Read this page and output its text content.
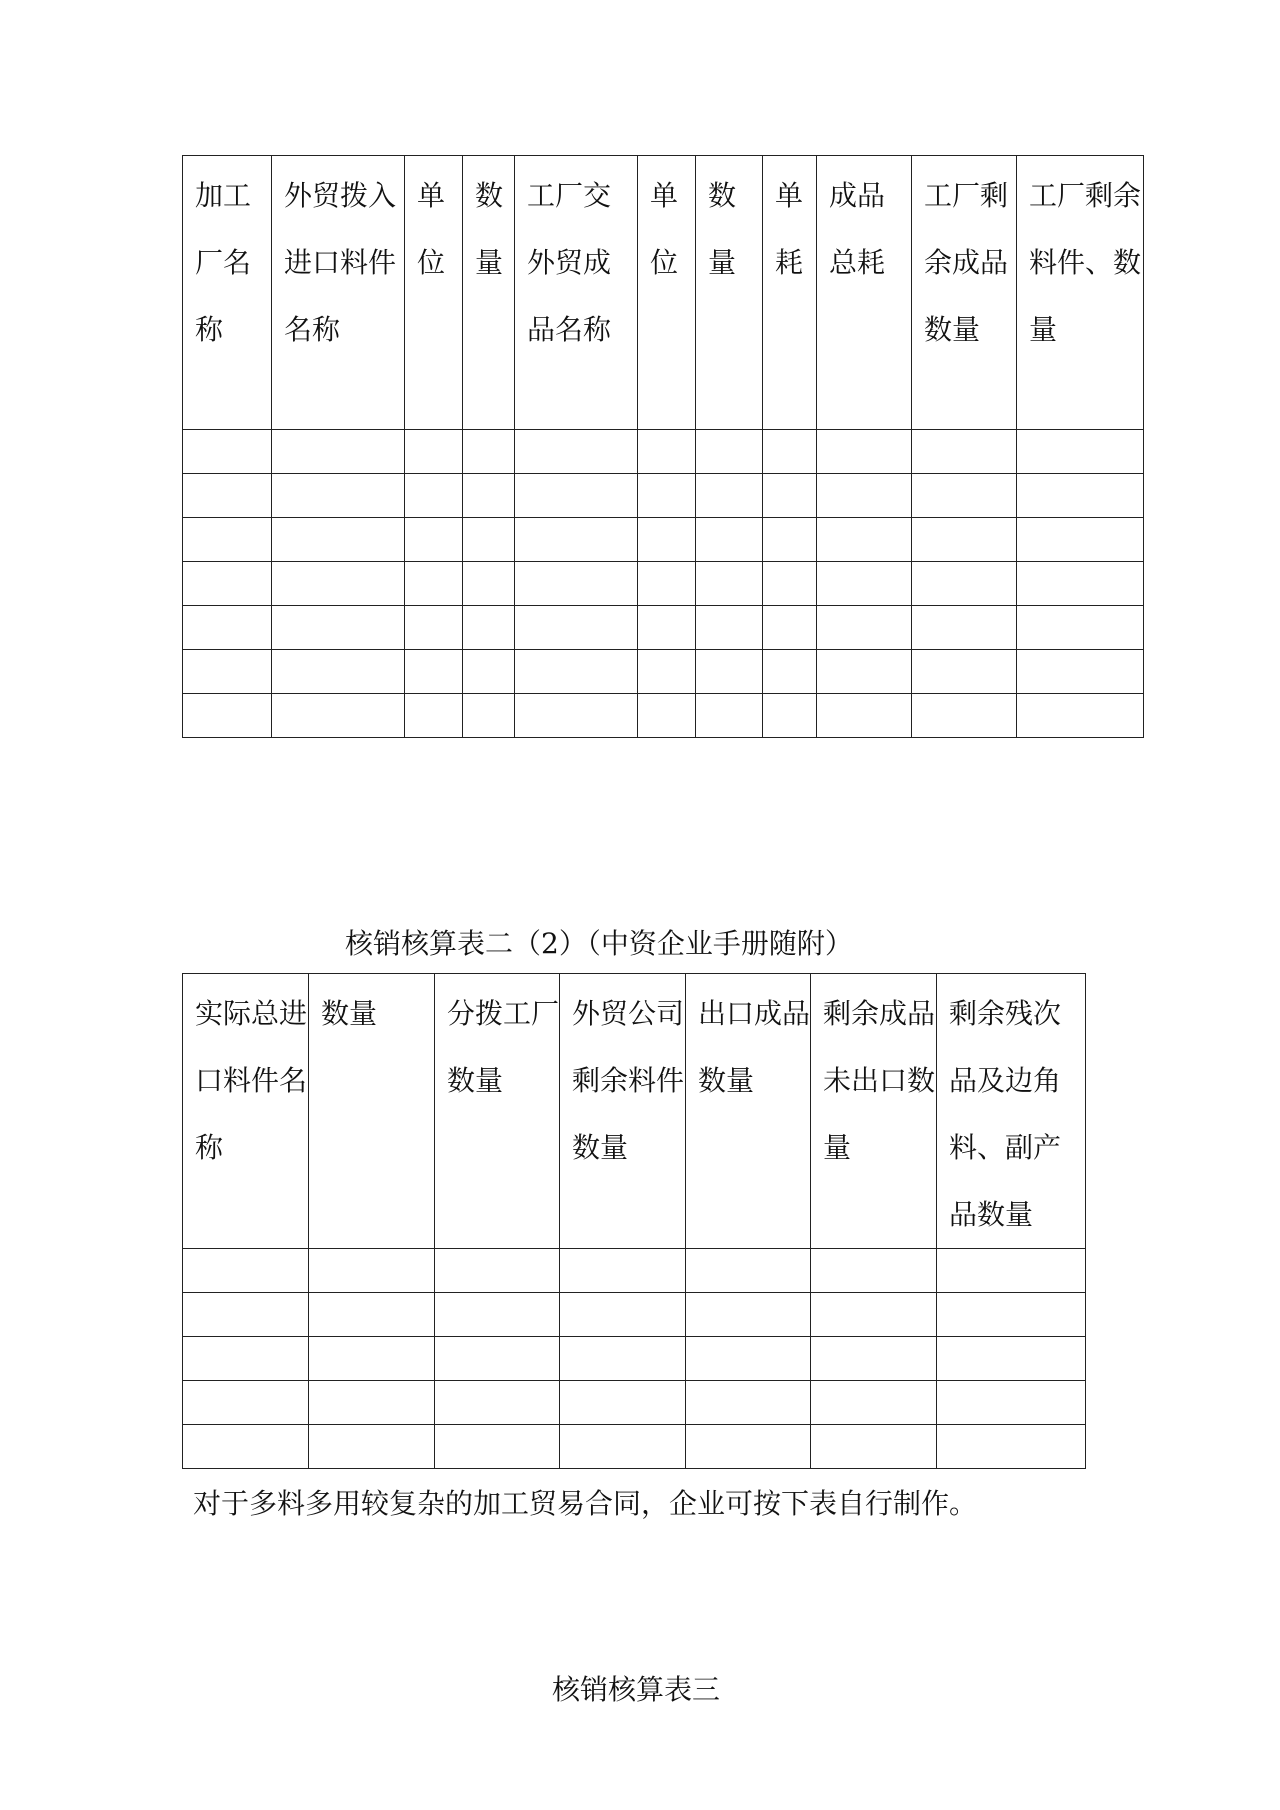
加工厂名称	外贸拨入进口料件名称	单位	数量	工厂交外贸成品名称	单位	数量	单耗	成品总耗	工厂剩余成品数量	工厂剩余料件、数量

核销核算表二（2）（中资企业手册随附）
实际总进口料件名称	数量	分拨工厂数量	外贸公司剩余料件数量	出口成品数量	剩余成品未出口数量	剩余残次品及边角料、副产品数量

对于多料多用较复杂的加工贸易合同，企业可按下表自行制作。
核销核算表三
